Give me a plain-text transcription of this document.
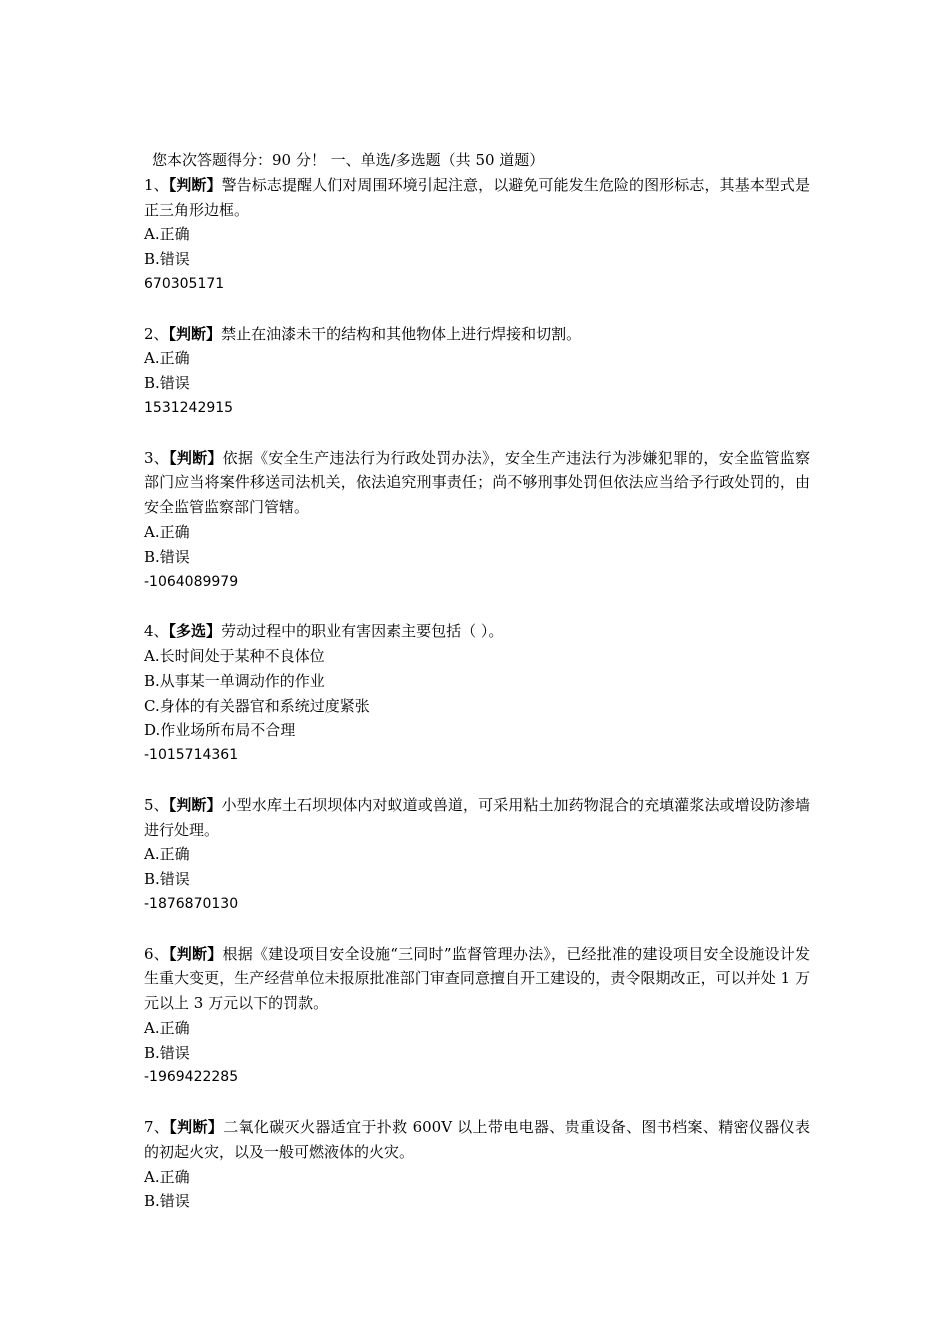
您本次答题得分：90 分！ 一、单选/多选题（共 50 道题）
1、【判断】警告标志提醒人们对周围环境引起注意，以避免可能发生危险的图形标志，其基本型式是正三角形边框。
A.正确
B.错误
670305171
2、【判断】禁止在油漆未干的结构和其他物体上进行焊接和切割。
A.正确
B.错误
1531242915
3、【判断】依据《安全生产违法行为行政处罚办法》，安全生产违法行为涉嫌犯罪的，安全监管监察部门应当将案件移送司法机关，依法追究刑事责任；尚不够刑事处罚但依法应当给予行政处罚的，由安全监管监察部门管辖。
A.正确
B.错误
-1064089979
4、【多选】劳动过程中的职业有害因素主要包括（ ）。
A.长时间处于某种不良体位
B.从事某一单调动作的作业
C.身体的有关器官和系统过度紧张
D.作业场所布局不合理
-1015714361
5、【判断】小型水库土石坝坝体内对蚁道或兽道，可采用粘土加药物混合的充填灌浆法或增设防渗墙进行处理。
A.正确
B.错误
-1876870130
6、【判断】根据《建设项目安全设施“三同时”监督管理办法》，已经批准的建设项目安全设施设计发生重大变更，生产经营单位未报原批准部门审查同意擅自开工建设的，责令限期改正，可以并处 1 万元以上 3 万元以下的罚款。
A.正确
B.错误
-1969422285
7、【判断】二氧化碳灭火器适宜于扑救 600V 以上带电电器、贵重设备、图书档案、精密仪器仪表的初起火灾，以及一般可燃液体的火灾。
A.正确
B.错误
